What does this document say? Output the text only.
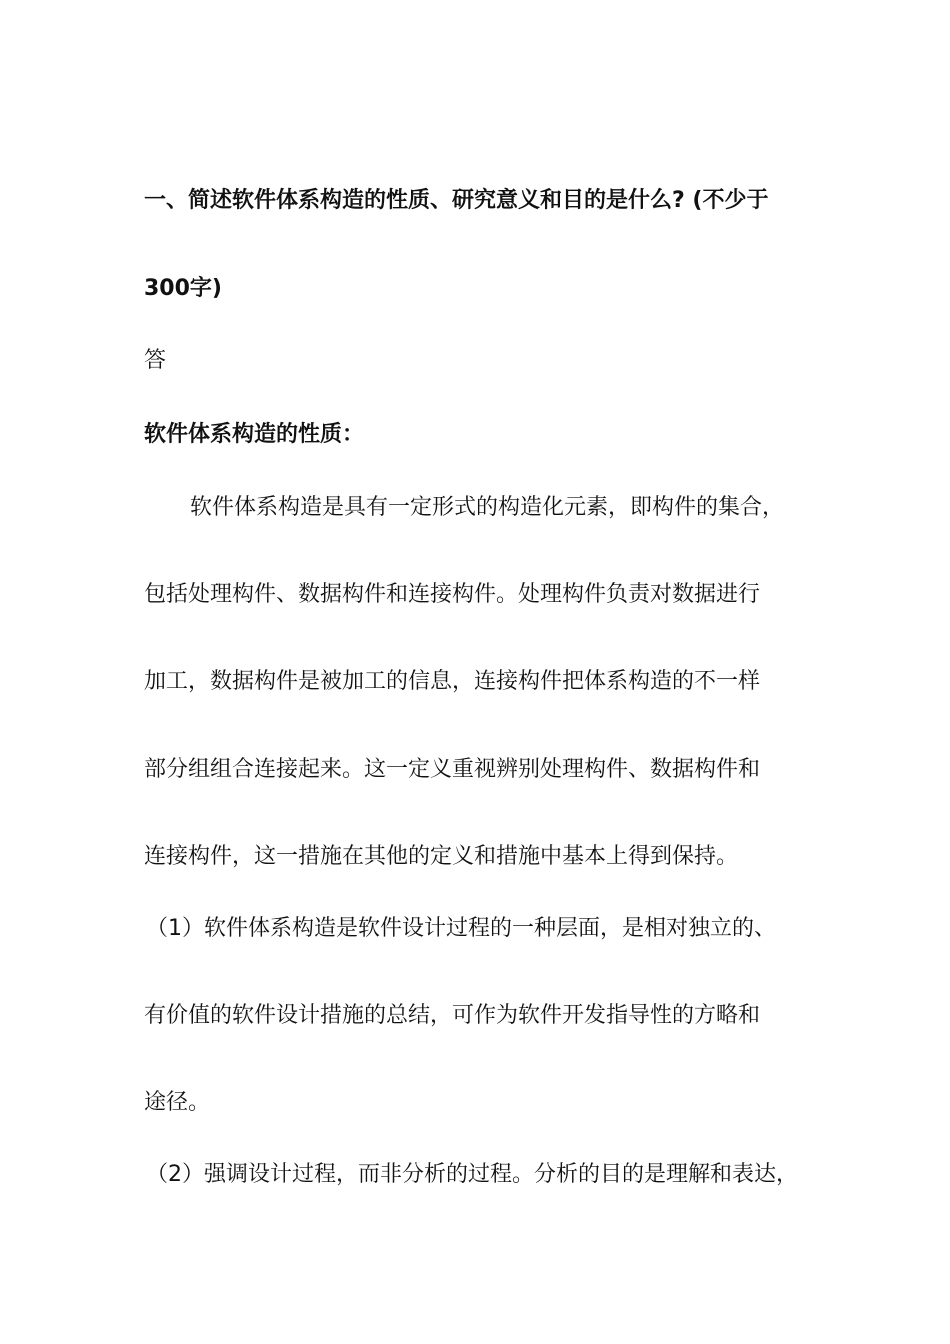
一、简述软件体系构造的性质、研究意义和目的是什么? (不少于
300字)
答
软件体系构造的性质：
软件体系构造是具有一定形式的构造化元素，即构件的集合，
包括处理构件、数据构件和连接构件。处理构件负责对数据进行
加工，数据构件是被加工的信息，连接构件把体系构造的不一样
部分组组合连接起来。这一定义重视辨别处理构件、数据构件和
连接构件，这一措施在其他的定义和措施中基本上得到保持。
（1）软件体系构造是软件设计过程的一种层面，是相对独立的、
有价值的软件设计措施的总结，可作为软件开发指导性的方略和
途径。
（2）强调设计过程，而非分析的过程。分析的目的是理解和表达，
